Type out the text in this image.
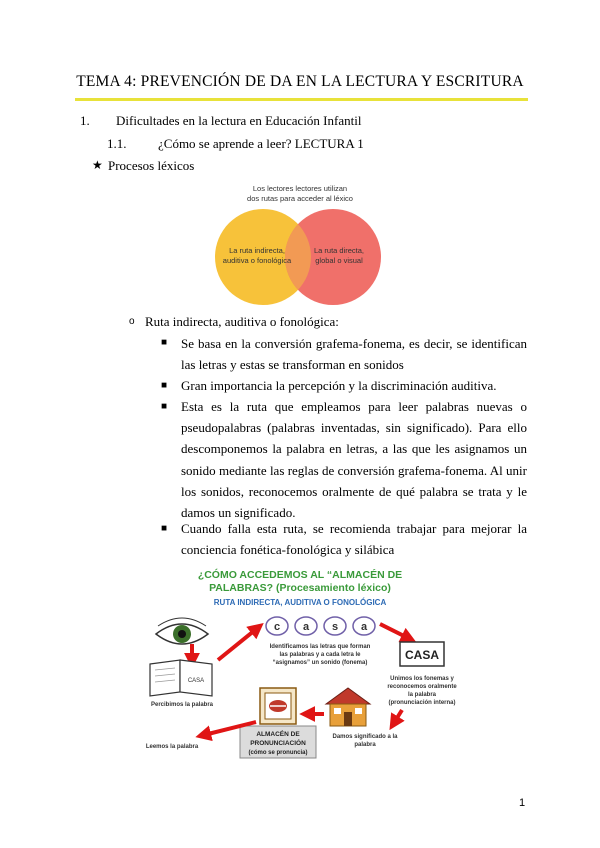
TEMA 4: PREVENCIÓN DE DA EN LA LECTURA Y ESCRITURA
1. Dificultades en la lectura en Educación Infantil
1.1. ¿Cómo se aprende a leer? LECTURA 1
★ Procesos léxicos
Los lectores lectores utilizan
dos rutas para acceder al léxico
La ruta indirecta,
auditiva o fonológica
La ruta directa,
global o visual
o Ruta indirecta, auditiva o fonológica:
■ Se basa en la conversión grafema-fonema, es decir, se identifican las letras y estas se transforman en sonidos
■ Gran importancia la percepción y la discriminación auditiva.
■ Esta es la ruta que empleamos para leer palabras nuevas o pseudopalabras (palabras inventadas, sin significado). Para ello descomponemos la palabra en letras, a las que les asignamos un sonido mediante las reglas de conversión grafema-fonema. Al unir los sonidos, reconocemos oralmente de qué palabra se trata y le damos un significado.
■ Cuando falla esta ruta, se recomienda trabajar para mejorar la conciencia fonética-fonológica y silábica
¿CÓMO ACCEDEMOS AL “ALMACÉN DE
PALABRAS? (Procesamiento léxico)
RUTA INDIRECTA, AUDITIVA O FONOLÓGICA
CASA
Percibimos la palabra
c a s a
Identificamos las letras que forman
las palabras y a cada letra le
“asignamos” un sonido (fonema)
CASA
Unimos los fonemas y
reconocemos oralmente
la palabra
(pronunciación interna)
Damos significado a la
palabra
ALMACÉN DE
PRONUNCIACIÓN
(cómo se pronuncia)
Leemos la palabra
1
